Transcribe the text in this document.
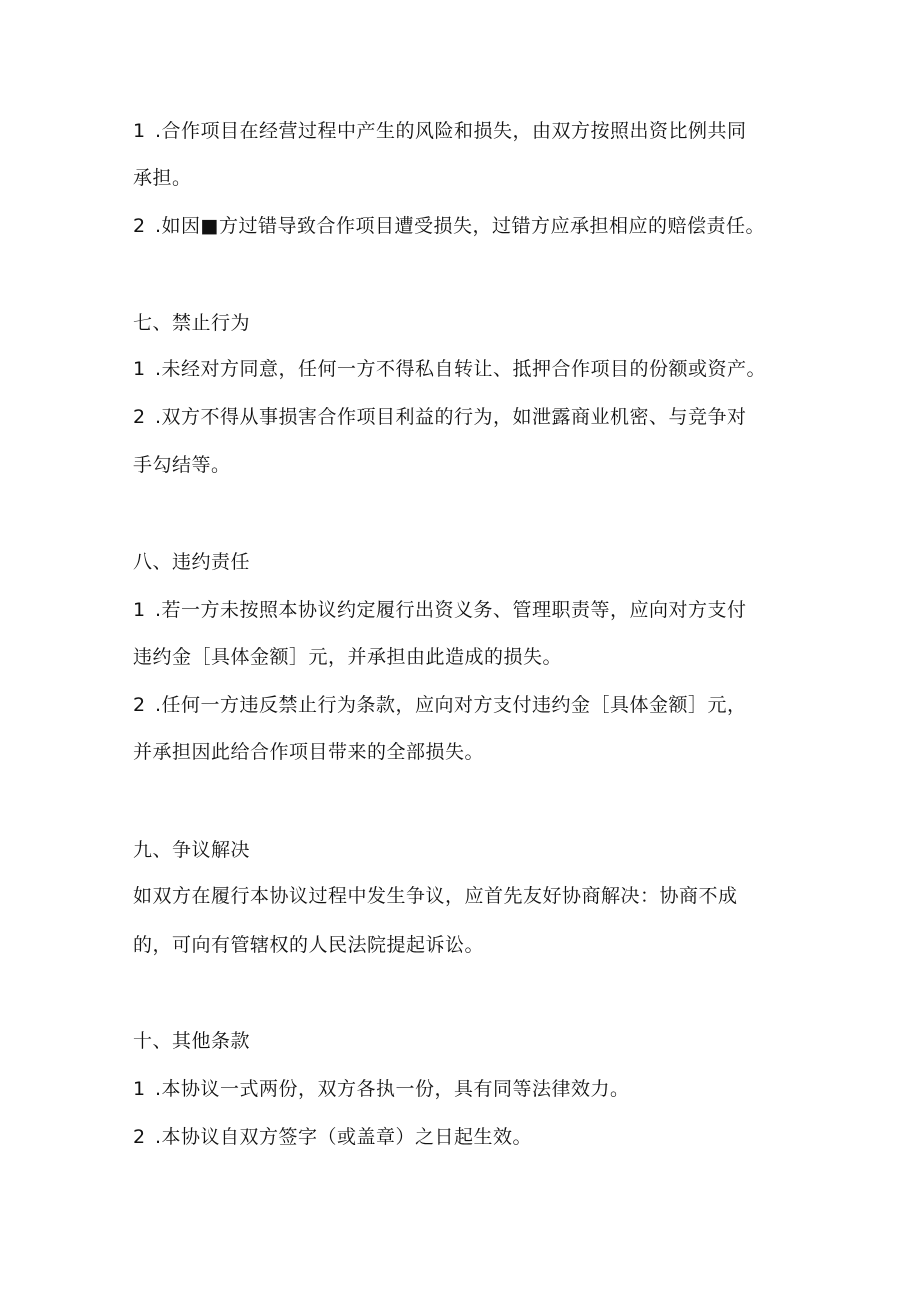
1 .合作项目在经营过程中产生的风险和损失，由双方按照出资比例共同
承担。
2 .如因■方过错导致合作项目遭受损失，过错方应承担相应的赔偿责任。
七、禁止行为
1 .未经对方同意，任何一方不得私自转让、抵押合作项目的份额或资产。
2 .双方不得从事损害合作项目利益的行为，如泄露商业机密、与竞争对
手勾结等。
八、违约责任
1 .若一方未按照本协议约定履行出资义务、管理职责等，应向对方支付
违约金［具体金额］元，并承担由此造成的损失。
2 .任何一方违反禁止行为条款，应向对方支付违约金［具体金额］元，
并承担因此给合作项目带来的全部损失。
九、争议解决
如双方在履行本协议过程中发生争议，应首先友好协商解决：协商不成
的，可向有管辖权的人民法院提起诉讼。
十、其他条款
1 .本协议一式两份，双方各执一份，具有同等法律效力。
2 .本协议自双方签字（或盖章）之日起生效。
